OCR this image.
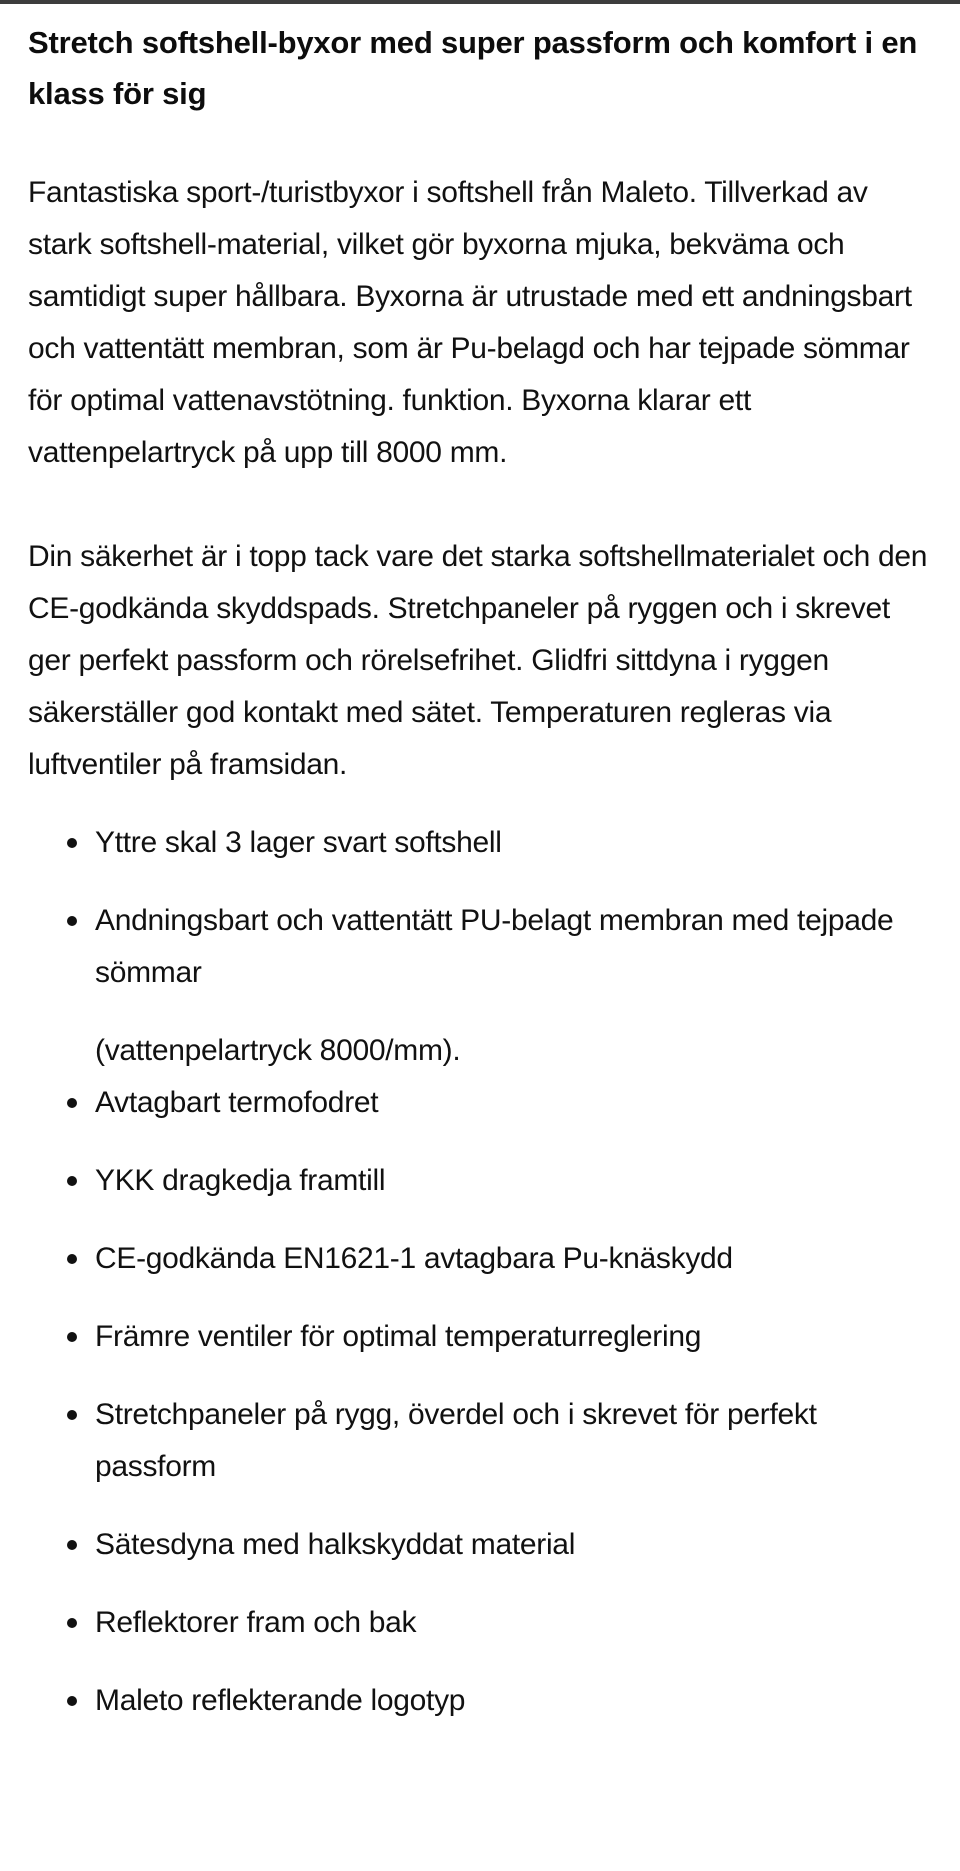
Stretch softshell-byxor med super passform och komfort i en klass för sig

Fantastiska sport-/turistbyxor i softshell från Maleto. Tillverkad av stark softshell-material, vilket gör byxorna mjuka, bekväma och samtidigt super hållbara. Byxorna är utrustade med ett andningsbart och vattentätt membran, som är Pu-belagd och har tejpade sömmar för optimal vattenavstötning. funktion. Byxorna klarar ett vattenpelartryck på upp till 8000 mm.

Din säkerhet är i topp tack vare det starka softshellmaterialet och den CE-godkända skyddspads. Stretchpaneler på ryggen och i skrevet ger perfekt passform och rörelsefrihet. Glidfri sittdyna i ryggen säkerställer god kontakt med sätet. Temperaturen regleras via luftventiler på framsidan.

Yttre skal 3 lager svart softshell

Andningsbart och vattentätt PU-belagt membran med tejpade sömmar

(vattenpelartryck 8000/mm).

Avtagbart termofodret
YKK dragkedja framtill
CE-godkända EN1621-1 avtagbara Pu-knäskydd
Främre ventiler för optimal temperaturreglering
Stretchpaneler på rygg, överdel och i skrevet för perfekt passform
Sätesdyna med halkskyddat material
Reflektorer fram och bak
Maleto reflekterande logotyp
